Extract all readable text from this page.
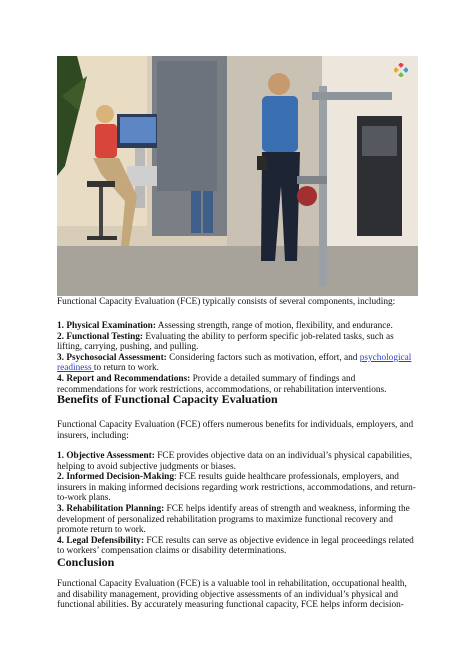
Functional Capacity Evaluation (FCE) typically consists of several components, including:
1. Physical Examination: Assessing strength, range of motion, flexibility, and endurance.
2. Functional Testing: Evaluating the ability to perform specific job-related tasks, such as lifting, carrying, pushing, and pulling.
3. Psychosocial Assessment: Considering factors such as motivation, effort, and psychological readiness to return to work.
4. Report and Recommendations: Provide a detailed summary of findings and recommendations for work restrictions, accommodations, or rehabilitation interventions.
Benefits of Functional Capacity Evaluation
Functional Capacity Evaluation (FCE) offers numerous benefits for individuals, employers, and insurers, including:
1. Objective Assessment: FCE provides objective data on an individual’s physical capabilities, helping to avoid subjective judgments or biases.
2. Informed Decision-Making: FCE results guide healthcare professionals, employers, and insurers in making informed decisions regarding work restrictions, accommodations, and return-to-work plans.
3. Rehabilitation Planning: FCE helps identify areas of strength and weakness, informing the development of personalized rehabilitation programs to maximize functional recovery and promote return to work.
4. Legal Defensibility: FCE results can serve as objective evidence in legal proceedings related to workers’ compensation claims or disability determinations.
Conclusion
Functional Capacity Evaluation (FCE) is a valuable tool in rehabilitation, occupational health, and disability management, providing objective assessments of an individual’s physical and functional abilities. By accurately measuring functional capacity, FCE helps inform decision-
